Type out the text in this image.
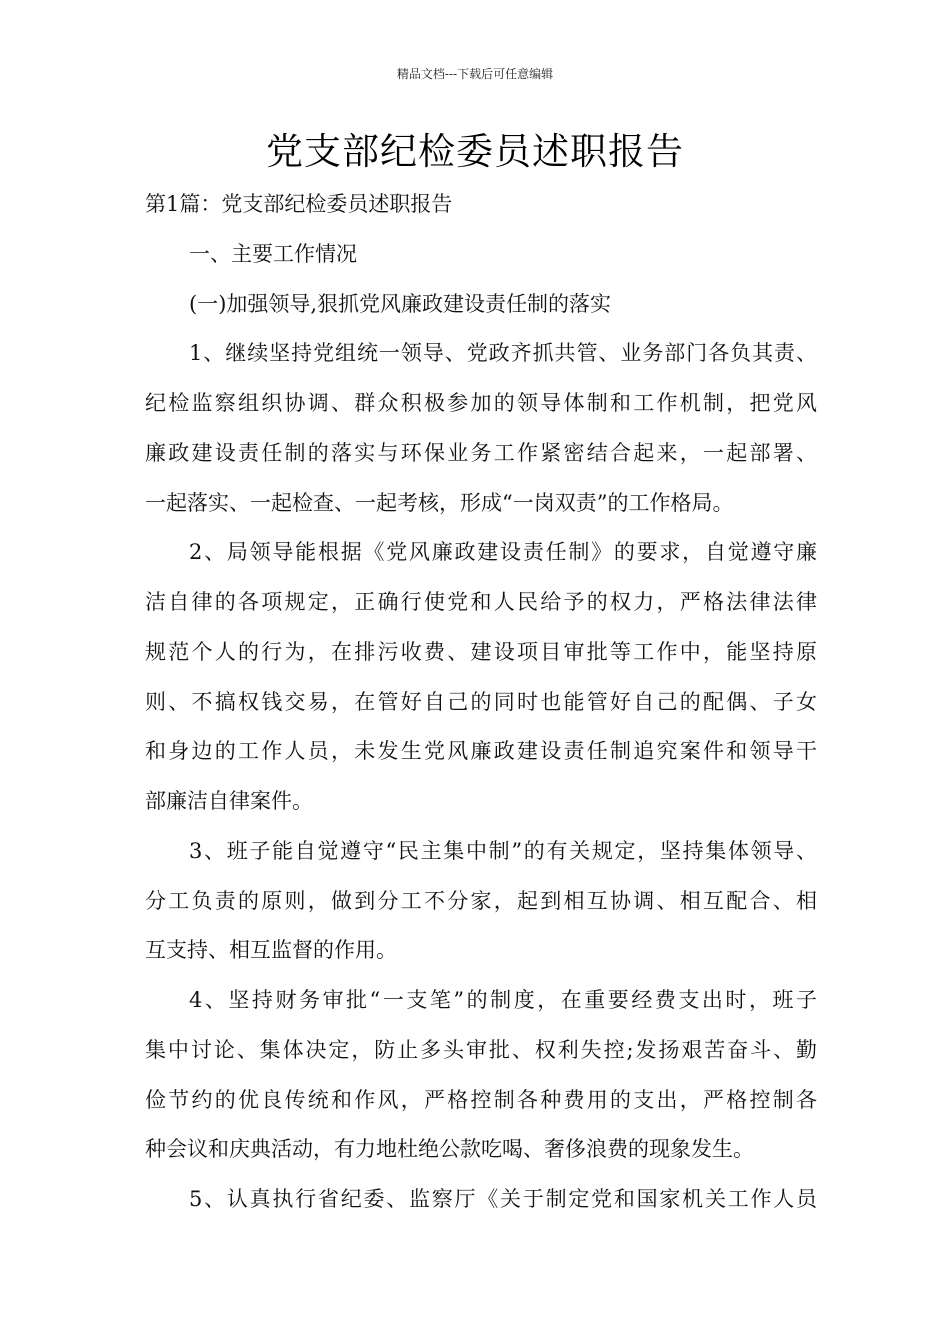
精品文档---下载后可任意编辑
党支部纪检委员述职报告
第1篇：党支部纪检委员述职报告
一、主要工作情况
(一)加强领导,狠抓党风廉政建设责任制的落实
1、继续坚持党组统一领导、党政齐抓共管、业务部门各负其责、
纪检监察组织协调、群众积极参加的领导体制和工作机制，把党风
廉政建设责任制的落实与环保业务工作紧密结合起来，一起部署、
一起落实、一起检查、一起考核，形成“一岗双责”的工作格局。
2、局领导能根据《党风廉政建设责任制》的要求，自觉遵守廉
洁自律的各项规定，正确行使党和人民给予的权力，严格法律法律
规范个人的行为，在排污收费、建设项目审批等工作中，能坚持原
则、不搞权钱交易，在管好自己的同时也能管好自己的配偶、子女
和身边的工作人员，未发生党风廉政建设责任制追究案件和领导干
部廉洁自律案件。
3、班子能自觉遵守“民主集中制”的有关规定，坚持集体领导、
分工负责的原则，做到分工不分家，起到相互协调、相互配合、相
互支持、相互监督的作用。
4、坚持财务审批“一支笔”的制度，在重要经费支出时，班子
集中讨论、集体决定，防止多头审批、权利失控;发扬艰苦奋斗、勤
俭节约的优良传统和作风，严格控制各种费用的支出，严格控制各
种会议和庆典活动，有力地杜绝公款吃喝、奢侈浪费的现象发生。
5、认真执行省纪委、监察厅《关于制定党和国家机关工作人员
